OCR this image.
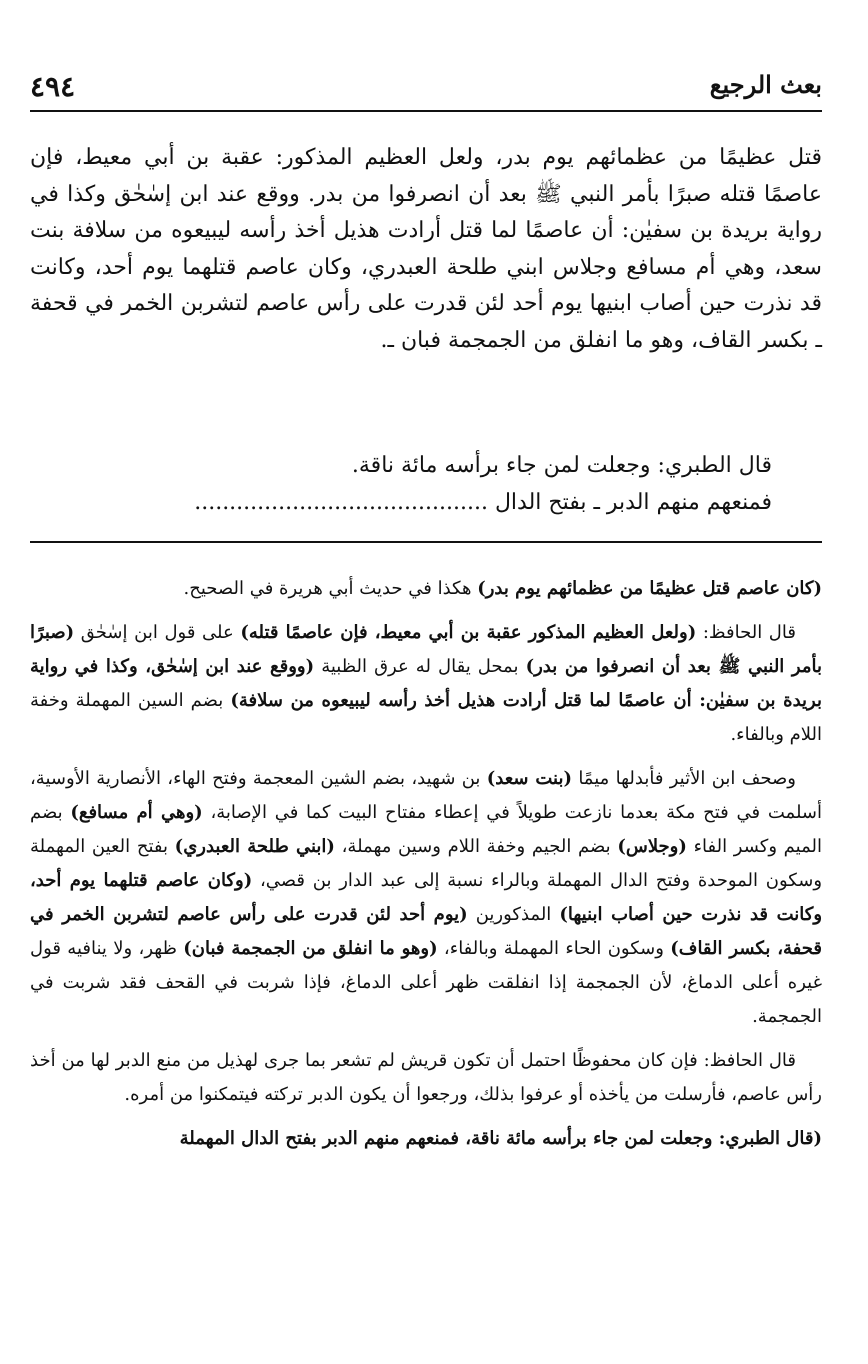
بعث الرجيع
٤٩٤
قتل عظيمًا من عظمائهم يوم بدر، ولعل العظيم المذكور: عقبة بن أبي معيط، فإن عاصمًا قتله صبرًا بأمر النبي ﷺ بعد أن انصرفوا من بدر. ووقع عند ابن إسٰحٰق وكذا في رواية بريدة بن سفيٰن: أن عاصمًا لما قتل أرادت هذيل أخذ رأسه ليبيعوه من سلافة بنت سعد، وهي أم مسافع وجلاس ابني طلحة العبدري، وكان عاصم قتلهما يوم أحد، وكانت قد نذرت حين أصاب ابنيها يوم أحد لئن قدرت على رأس عاصم لتشربن الخمر في قحفة ـ بكسر القاف، وهو ما انفلق من الجمجمة فبان ـ.
قال الطبري: وجعلت لمن جاء برأسه مائة ناقة.
فمنعهم منهم الدبر ـ بفتح الدال ..........................................

(كان عاصم قتل عظيمًا من عظمائهم يوم بدر) هكذا في حديث أبي هريرة في الصحيح.

قال الحافظ: (ولعل العظيم المذكور عقبة بن أبي معيط، فإن عاصمًا قتله) على قول ابن إسٰحٰق (صبرًا بأمر النبي ﷺ بعد أن انصرفوا من بدر) بمحل يقال له عرق الظبية (ووقع عند ابن إسٰحٰق، وكذا في رواية بريدة بن سفيٰن: أن عاصمًا لما قتل أرادت هذيل أخذ رأسه ليبيعوه من سلافة) بضم السين المهملة وخفة اللام وبالفاء.

وصحف ابن الأثير فأبدلها ميمًا (بنت سعد) بن شهيد، بضم الشين المعجمة وفتح الهاء، الأنصارية الأوسية، أسلمت في فتح مكة بعدما نازعت طويلاً في إعطاء مفتاح البيت كما في الإصابة، (وهي أم مسافع) بضم الميم وكسر الفاء (وجلاس) بضم الجيم وخفة اللام وسين مهملة، (ابني طلحة العبدري) بفتح العين المهملة وسكون الموحدة وفتح الدال المهملة وبالراء نسبة إلى عبد الدار بن قصي، (وكان عاصم قتلهما يوم أحد، وكانت قد نذرت حين أصاب ابنيها) المذكورين (يوم أحد لئن قدرت على رأس عاصم لتشربن الخمر في قحفة، بكسر القاف) وسكون الحاء المهملة وبالفاء، (وهو ما انفلق من الجمجمة فبان) ظهر، ولا ينافيه قول غيره أعلى الدماغ، لأن الجمجمة إذا انفلقت ظهر أعلى الدماغ، فإذا شربت في القحف فقد شربت في الجمجمة.

قال الحافظ: فإن كان محفوظًا احتمل أن تكون قريش لم تشعر بما جرى لهذيل من منع الدبر لها من أخذ رأس عاصم، فأرسلت من يأخذه أو عرفوا بذلك، ورجعوا أن يكون الدبر تركته فيتمكنوا من أمره.

(قال الطبري: وجعلت لمن جاء برأسه مائة ناقة، فمنعهم منهم الدبر بفتح الدال المهملة
